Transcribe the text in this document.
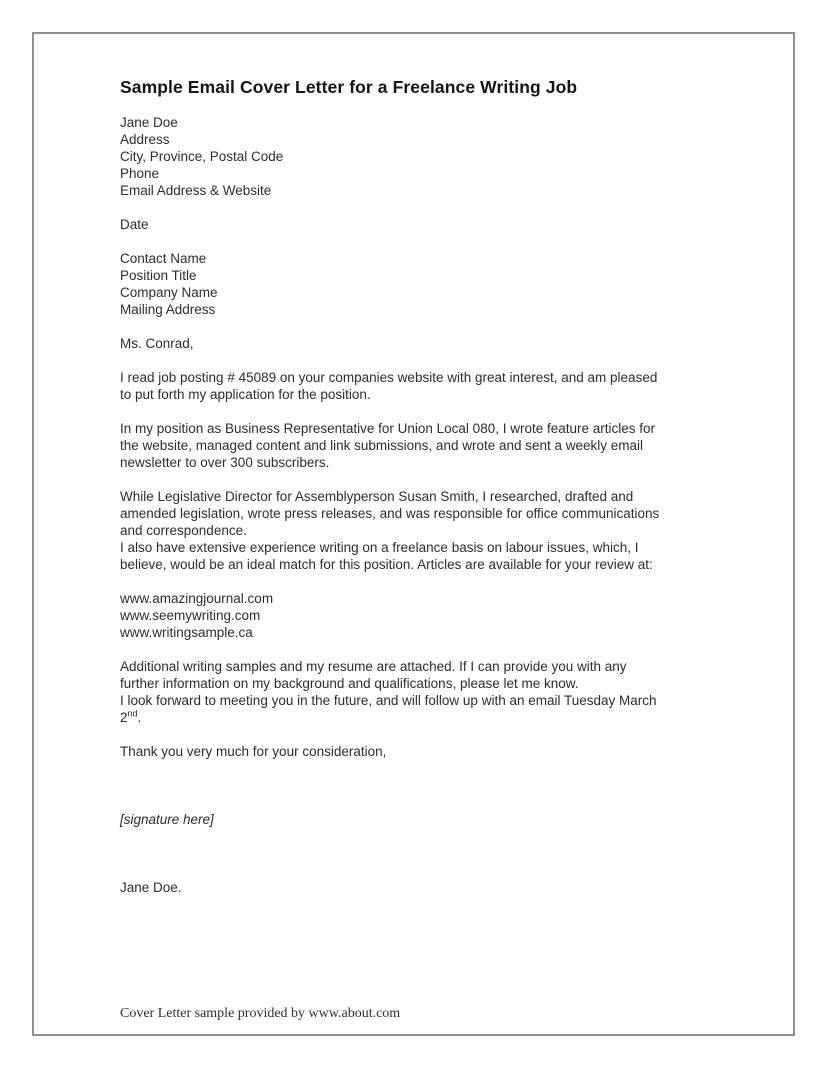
Sample Email Cover Letter for a Freelance Writing Job
Jane Doe
Address
City, Province, Postal Code
Phone
Email Address & Website
Date
Contact Name
Position Title
Company Name
Mailing Address
Ms. Conrad,
I read job posting # 45089 on your companies website with great interest, and am pleased
to put forth my application for the position.
In my position as Business Representative for Union Local 080, I wrote feature articles for
the website, managed content and link submissions, and wrote and sent a weekly email
newsletter to over 300 subscribers.
While Legislative Director for Assemblyperson Susan Smith, I researched, drafted and
amended legislation, wrote press releases, and was responsible for office communications
and correspondence.
I also have extensive experience writing on a freelance basis on labour issues, which, I
believe, would be an ideal match for this position. Articles are available for your review at:
www.amazingjournal.com
www.seemywriting.com
www.writingsample.ca
Additional writing samples and my resume are attached. If I can provide you with any
further information on my background and qualifications, please let me know.
I look forward to meeting you in the future, and will follow up with an email Tuesday March
2nd.
Thank you very much for your consideration,
[signature here]
Jane Doe.
Cover Letter sample provided by www.about.com
